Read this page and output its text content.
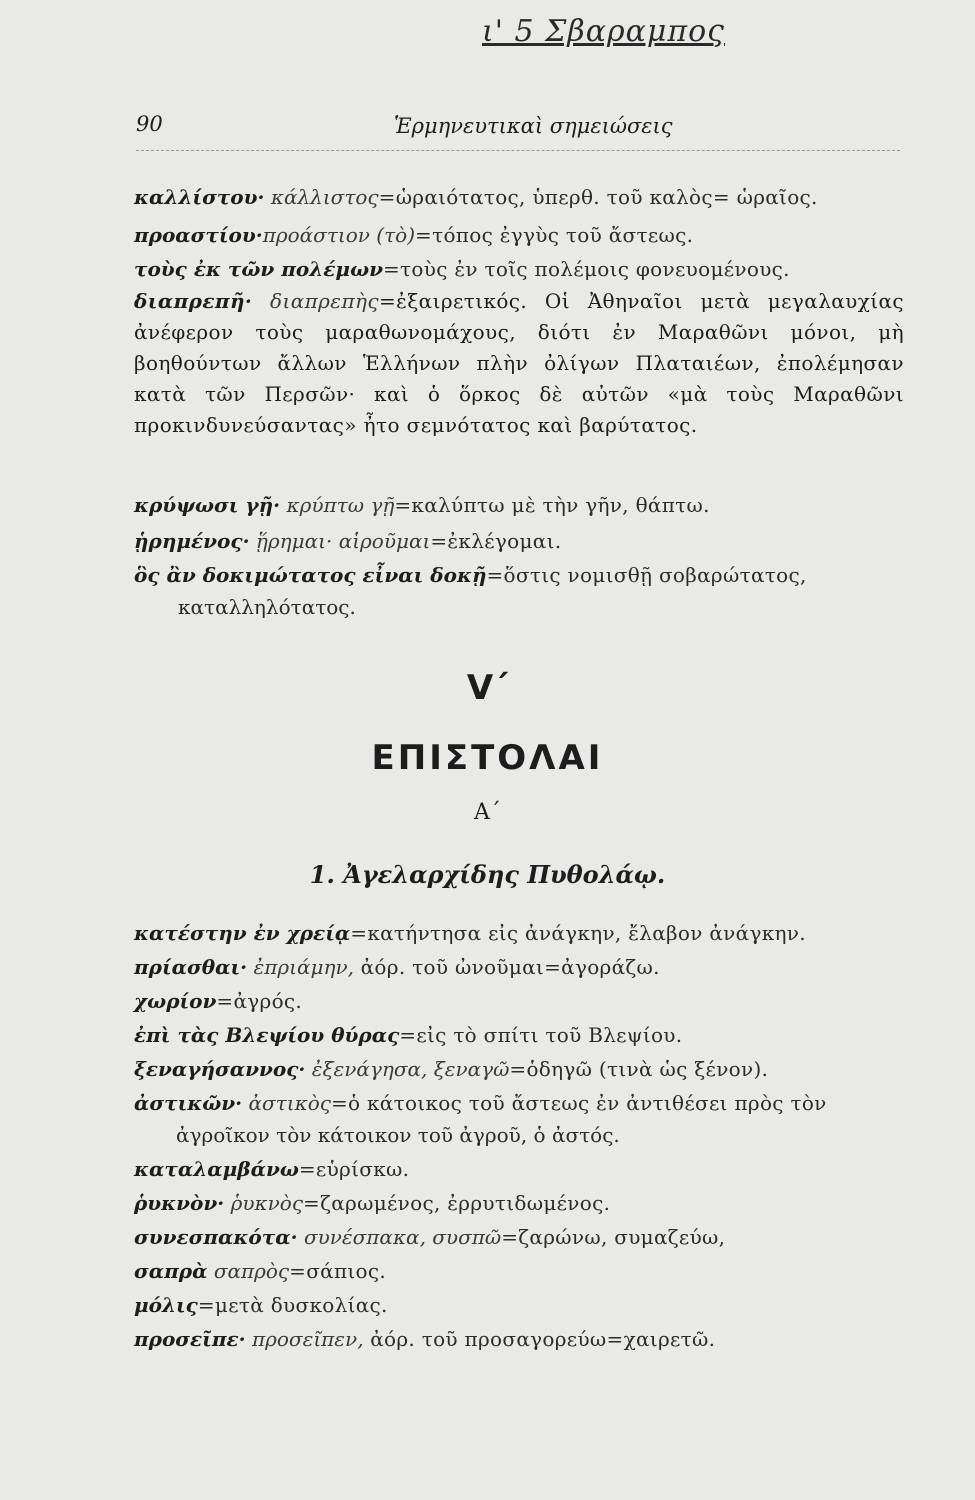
ι' 5 Σβαραμπος
90	Ἑρμηνευτικαὶ σημειώσεις
καλλίστου· κάλλιστος=ὡραιότατος, ὑπερθ. τοῦ καλὸς= ὡραῖος.
προαστίου·προάστιον (τὸ)=τόπος ἐγγὺς τοῦ ἄστεως.
τοὺς ἐκ τῶν πολέμων=τοὺς ἐν τοῖς πολέμοις φονευομένους.
διαπρεπῆ· διαπρεπὴς=ἐξαιρετικός. Οἱ Ἀθηναῖοι μετὰ μεγαλαυχίας ἀνέφερον τοὺς μαραθωνομάχους, διότι ἐν Μαραθῶνι μόνοι, μὴ βοηθούντων ἄλλων Ἑλλήνων πλὴν ὀλίγων Πλαταιέων, ἐπολέμησαν κατὰ τῶν Περσῶν· καὶ ὁ ὅρκος δὲ αὐτῶν «μὰ τοὺς Μαραθῶνι προκινδυνεύσαντας» ἦτο σεμνότατος καὶ βαρύτατος.
κρύψωσι γῇ· κρύπτω γῇ=καλύπτω μὲ τὴν γῆν, θάπτω.
ᾑρημένος· ᾕρημαι· αἱροῦμαι=ἐκλέγομαι.
ὃς ἂν δοκιμώτατος εἶναι δοκῇ=ὅστις νομισθῇ σοβαρώτατος,
καταλληλότατος.
V΄
ΕΠΙΣΤΟΛΑΙ
Α΄
1. Ἀγελαρχίδης Πυθολάῳ.
κατέστην ἐν χρείᾳ=κατήντησα εἰς ἀνάγκην, ἔλαβον ἀνάγκην.
πρίασθαι· ἐπριάμην, ἀόρ. τοῦ ὠνοῦμαι=ἀγοράζω.
χωρίον=ἀγρός.
ἐπὶ τὰς Βλεψίου θύρας=εἰς τὸ σπίτι τοῦ Βλεψίου.
ξεναγήσαννος· ἐξενάγησα, ξεναγῶ=ὁδηγῶ (τινὰ ὡς ξένον).
ἀστικῶν· ἀστικὸς=ὁ κάτοικος τοῦ ἄστεως ἐν ἀντιθέσει πρὸς τὸν
ἀγροῖκον τὸν κάτοικον τοῦ ἀγροῦ, ὁ ἀστός.
καταλαμβάνω=εὑρίσκω.
ῥυκνὸν· ῥυκνὸς=ζαρωμένος, ἐρρυτιδωμένος.
συνεσπακότα· συνέσπακα, συσπῶ=ζαρώνω, συμαζεύω,
σαπρὰ σαπρὸς=σάπιος.
μόλις=μετὰ δυσκολίας.
προσεῖπε· προσεῖπεν, ἀόρ. τοῦ προσαγορεύω=χαιρετῶ.
